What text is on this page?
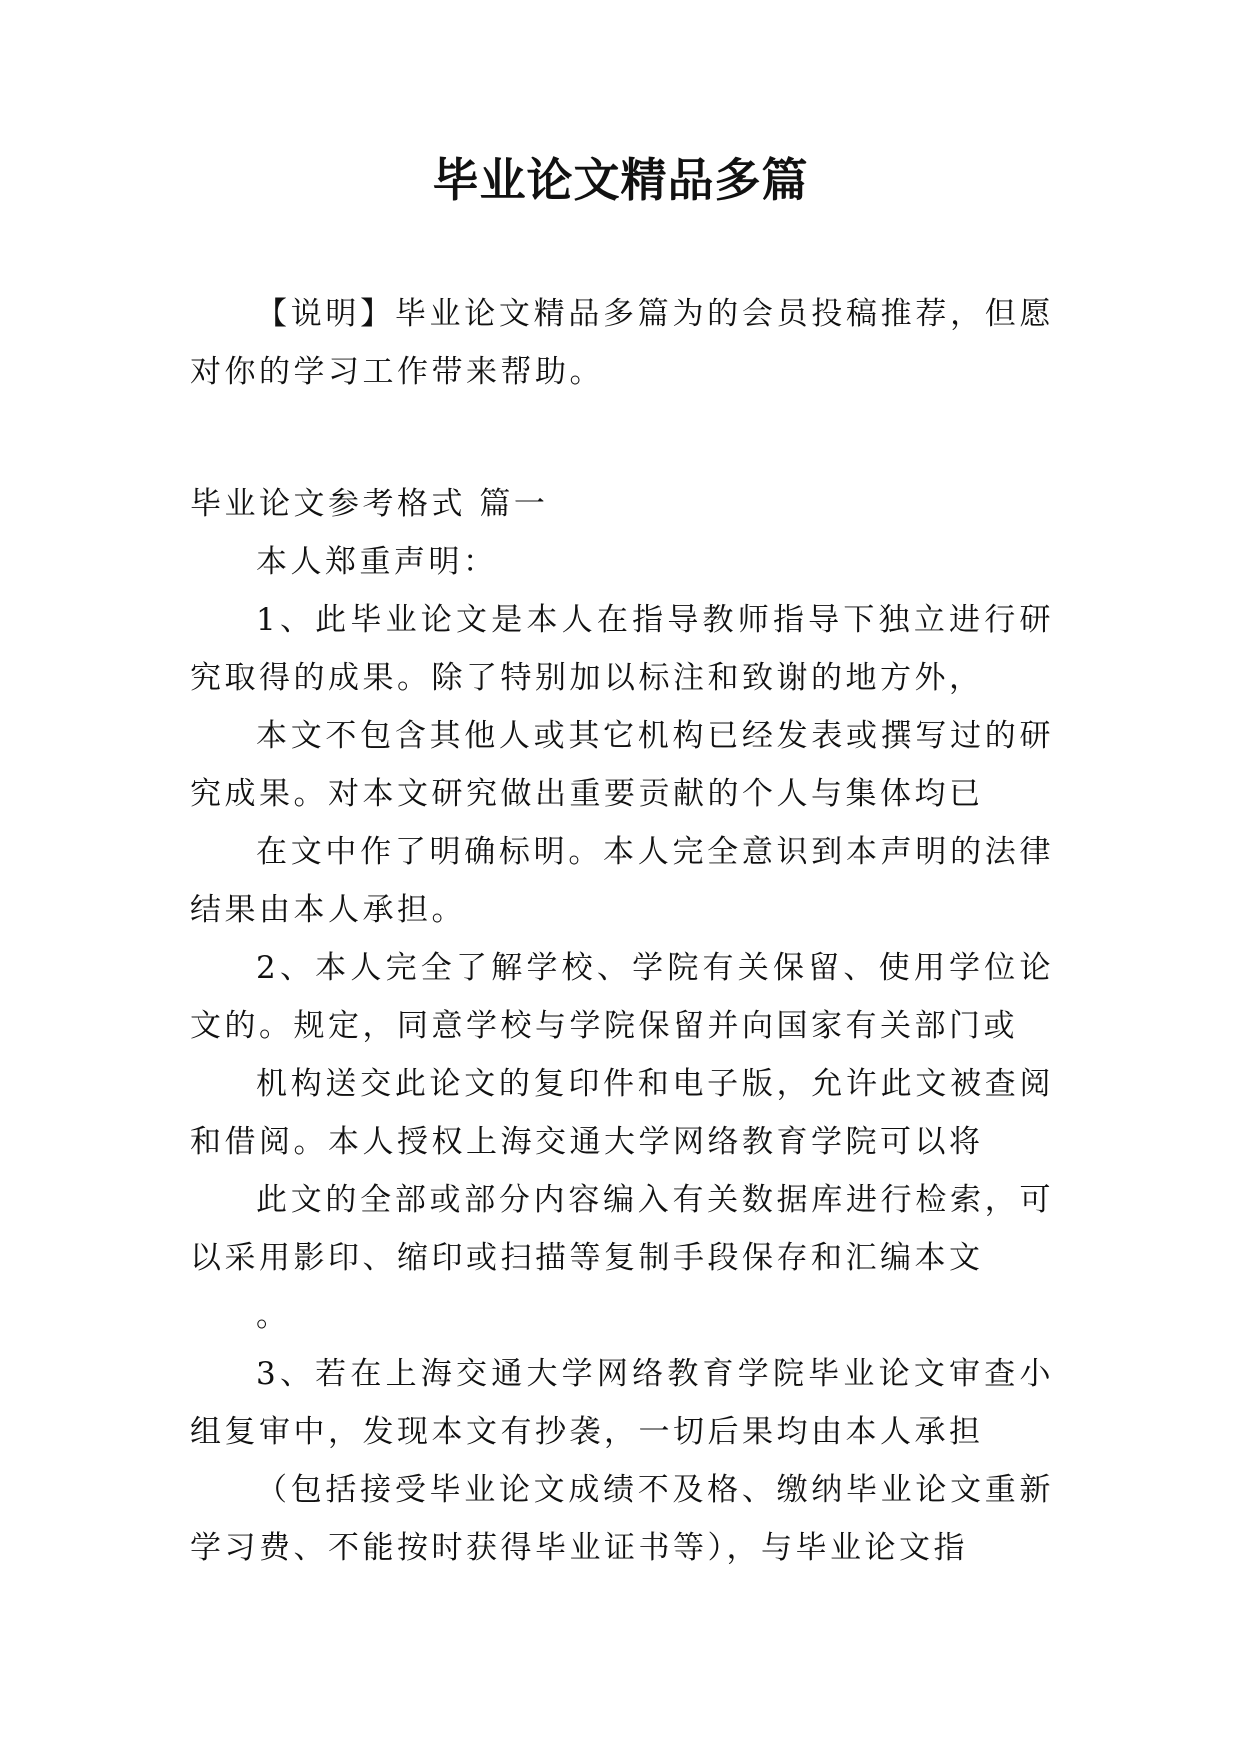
毕业论文精品多篇

【说明】毕业论文精品多篇为的会员投稿推荐，但愿对你的学习工作带来帮助。

毕业论文参考格式 篇一

本人郑重声明：

1、此毕业论文是本人在指导教师指导下独立进行研究取得的成果。除了特别加以标注和致谢的地方外，

本文不包含其他人或其它机构已经发表或撰写过的研究成果。对本文研究做出重要贡献的个人与集体均已

在文中作了明确标明。本人完全意识到本声明的法律结果由本人承担。

2、本人完全了解学校、学院有关保留、使用学位论文的。规定，同意学校与学院保留并向国家有关部门或

机构送交此论文的复印件和电子版，允许此文被查阅和借阅。本人授权上海交通大学网络教育学院可以将

此文的全部或部分内容编入有关数据库进行检索，可以采用影印、缩印或扫描等复制手段保存和汇编本文

。

3、若在上海交通大学网络教育学院毕业论文审查小组复审中，发现本文有抄袭，一切后果均由本人承担

（包括接受毕业论文成绩不及格、缴纳毕业论文重新学习费、不能按时获得毕业证书等），与毕业论文指
